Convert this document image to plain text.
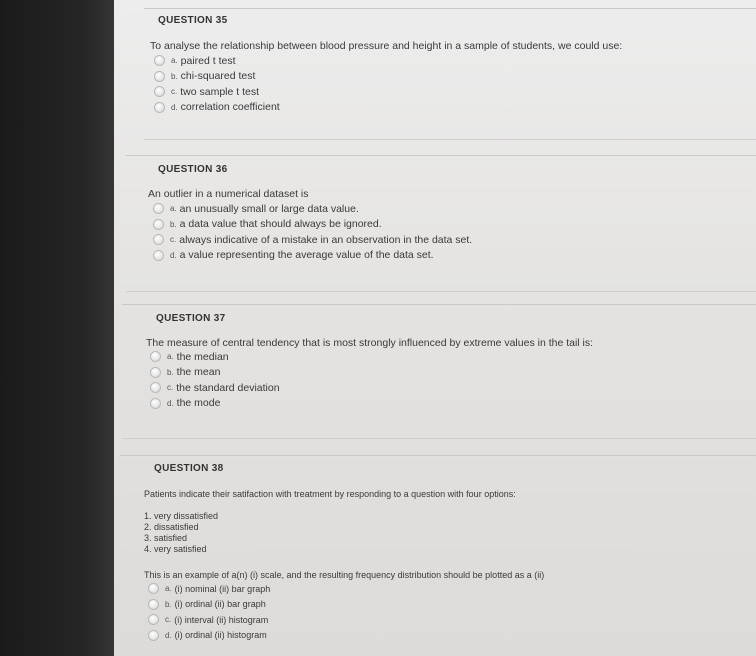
QUESTION 35
To analyse the relationship between blood pressure and height in a sample of students, we could use:
a. paired t test
b. chi-squared test
c. two sample t test
d. correlation coefficient
QUESTION 36
An outlier in a numerical dataset is
a. an unusually small or large data value.
b. a data value that should always be ignored.
c. always indicative of a mistake in an observation in the data set.
d. a value representing the average value of the data set.
QUESTION 37
The measure of central tendency that is most strongly influenced by extreme values in the tail is:
a. the median
b. the mean
c. the standard deviation
d. the mode
QUESTION 38
Patients indicate their satifaction with treatment by responding to a question with four options:
1. very dissatisfied
2. dissatisfied
3. satisfied
4. very satisfied
This is an example of a(n) (i) scale, and the resulting frequency distribution should be plotted as a (ii)
a. (i) nominal (ii) bar graph
b. (i) ordinal (ii) bar graph
c. (i) interval (ii) histogram
d. (i) ordinal (ii) histogram
